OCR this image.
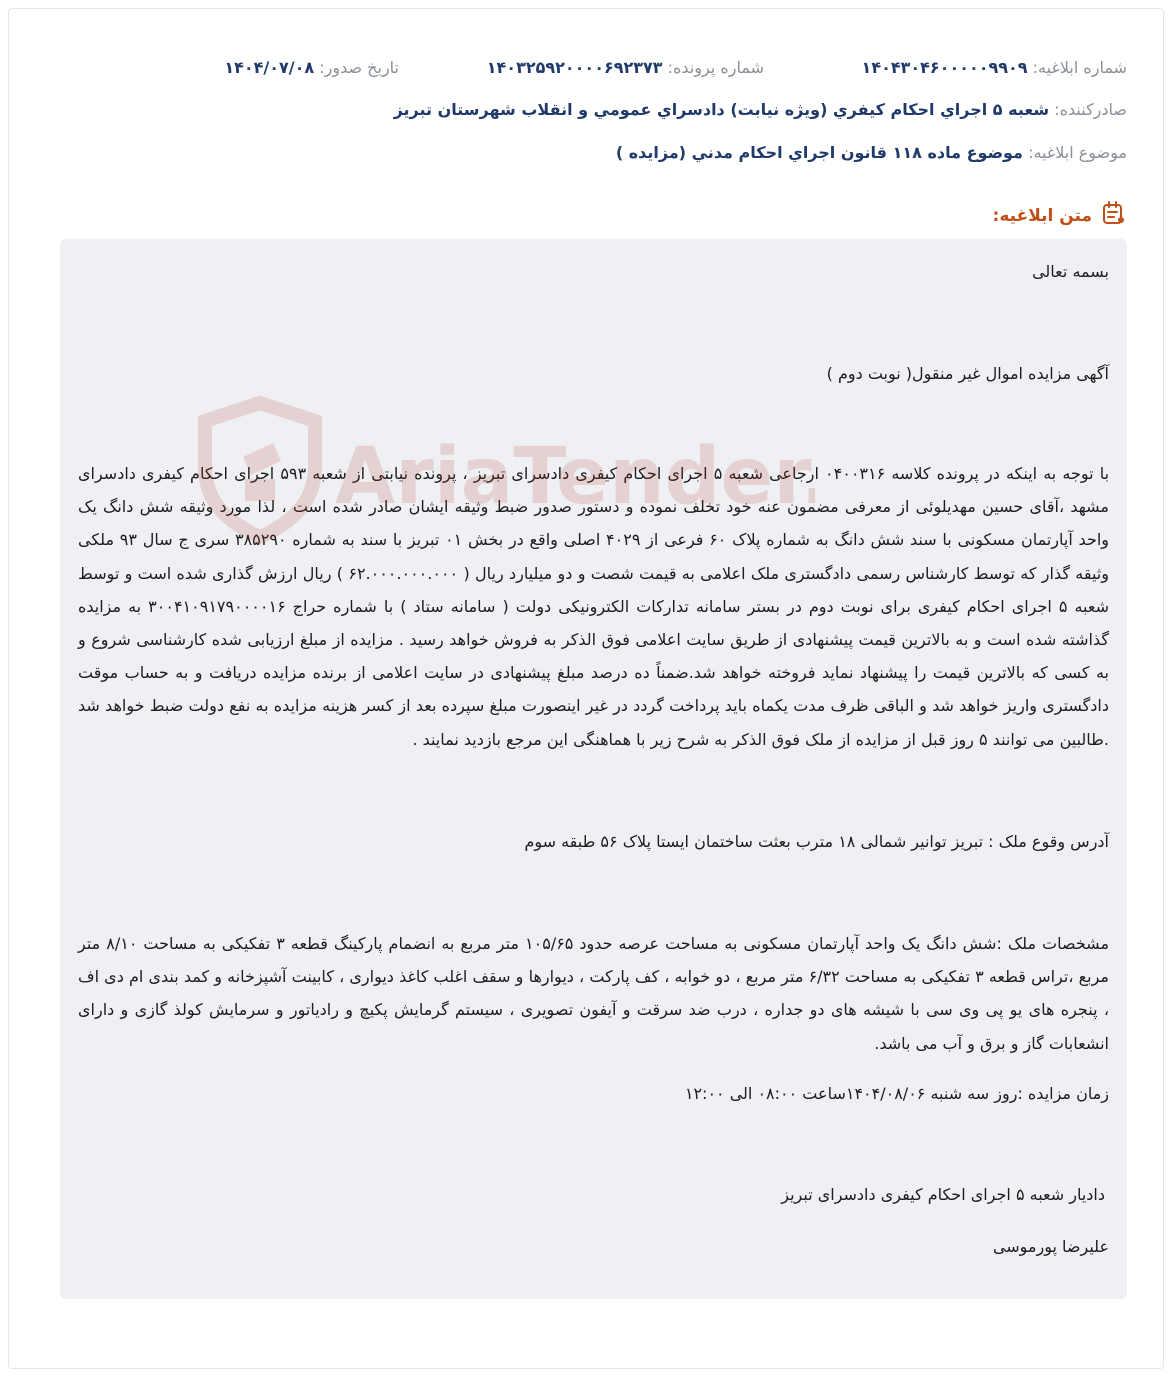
شماره ابلاغیه: ۱۴۰۴۳۰۴۶۰۰۰۰۰۹۹۰۹
شماره پرونده: ۱۴۰۳۲۵۹۲۰۰۰۰۶۹۲۳۷۳
تاریخ صدور: ۱۴۰۴/۰۷/۰۸
صادرکننده: شعبه ۵ اجراي احكام كيفري (ويژه نيابت) دادسراي عمومي و انقلاب شهرستان تبريز
موضوع ابلاغیه: موضوع ماده ۱۱۸ قانون اجراي احكام مدني (مزايده )
متن ابلاغیه:
بسمه تعالی
آگهی مزایده اموال غیر منقول( نوبت دوم )
با توجه به اینکه در پرونده کلاسه ۰۴۰۰۳۱۶ ارجاعی شعبه ۵ اجرای احکام کیفری دادسرای تبریز ، پرونده نیابتی از شعبه ۵۹۳ اجرای احکام کیفری دادسرای مشهد ،آقای حسین مهدیلوئی از معرفی مضمون عنه خود تخلف نموده و دستور صدور ضبط وثیقه ایشان صادر شده است ، لذا مورد وثیقه شش دانگ یک واحد آپارتمان مسکونی با سند شش دانگ به شماره پلاک ۶۰ فرعی از ۴۰۲۹ اصلی واقع در بخش ۰۱ تبریز با سند به شماره ۳۸۵۲۹۰ سری ج سال ۹۳ ملکی وثیقه گذار که توسط کارشناس رسمی دادگستری ملک اعلامی به قیمت شصت و دو میلیارد ریال ( ۶۲.۰۰۰.۰۰۰.۰۰۰ ) ریال ارزش گذاری شده است و توسط شعبه ۵ اجرای احکام کیفری برای نوبت دوم در بستر سامانه تدارکات الکترونیکی دولت ( سامانه ستاد ) با شماره حراج ۳۰۰۴۱۰۹۱۷۹۰۰۰۰۱۶ به مزایده گذاشته شده است و به بالاترین قیمت پیشنهادی از طریق سایت اعلامی فوق الذکر به فروش خواهد رسید . مزایده از مبلغ ارزیابی شده کارشناسی شروع و به کسی که بالاترین قیمت را پیشنهاد نماید فروخته خواهد شد.ضمناً ده درصد مبلغ پیشنهادی در سایت اعلامی از برنده مزایده دریافت و به حساب موقت دادگستری واریز خواهد شد و الباقی ظرف مدت یکماه باید پرداخت گردد در غیر اینصورت مبلغ سپرده بعد از کسر هزینه مزایده به نفع دولت ضبط خواهد شد .طالبین می توانند ۵ روز قبل از مزایده از ملک فوق الذکر به شرح زیر با هماهنگی این مرجع بازدید نمایند .
آدرس وقوع ملک : تبریز توانیر شمالی ۱۸ مترب بعثت ساختمان ایستا پلاک ۵۶ طبقه سوم
مشخصات ملک :شش دانگ یک واحد آپارتمان مسکونی به مساحت عرصه حدود ۱۰۵/۶۵ متر مربع به انضمام پارکینگ قطعه ۳ تفکیکی به مساحت ۸/۱۰ متر مربع ،تراس قطعه ۳ تفکیکی به مساحت ۶/۳۲ متر مربع ، دو خوابه ، کف پارکت ، دیوارها و سقف اغلب کاغذ دیواری ، کابینت آشپزخانه و کمد بندی ام دی اف ، پنجره های یو پی وی سی با شیشه های دو جداره ، درب ضد سرقت و آیفون تصویری ، سیستم گرمایش پکیچ و رادیاتور و سرمایش کولذ گازی و دارای انشعابات گاز و برق و آب می باشد.
زمان مزایده :روز سه شنبه ۱۴۰۴/۰۸/۰۶ساعت ۰۸:۰۰ الی ۱۲:۰۰
دادیار شعبه ۵ اجرای احکام کیفری دادسرای تبریز
علیرضا پورموسی
